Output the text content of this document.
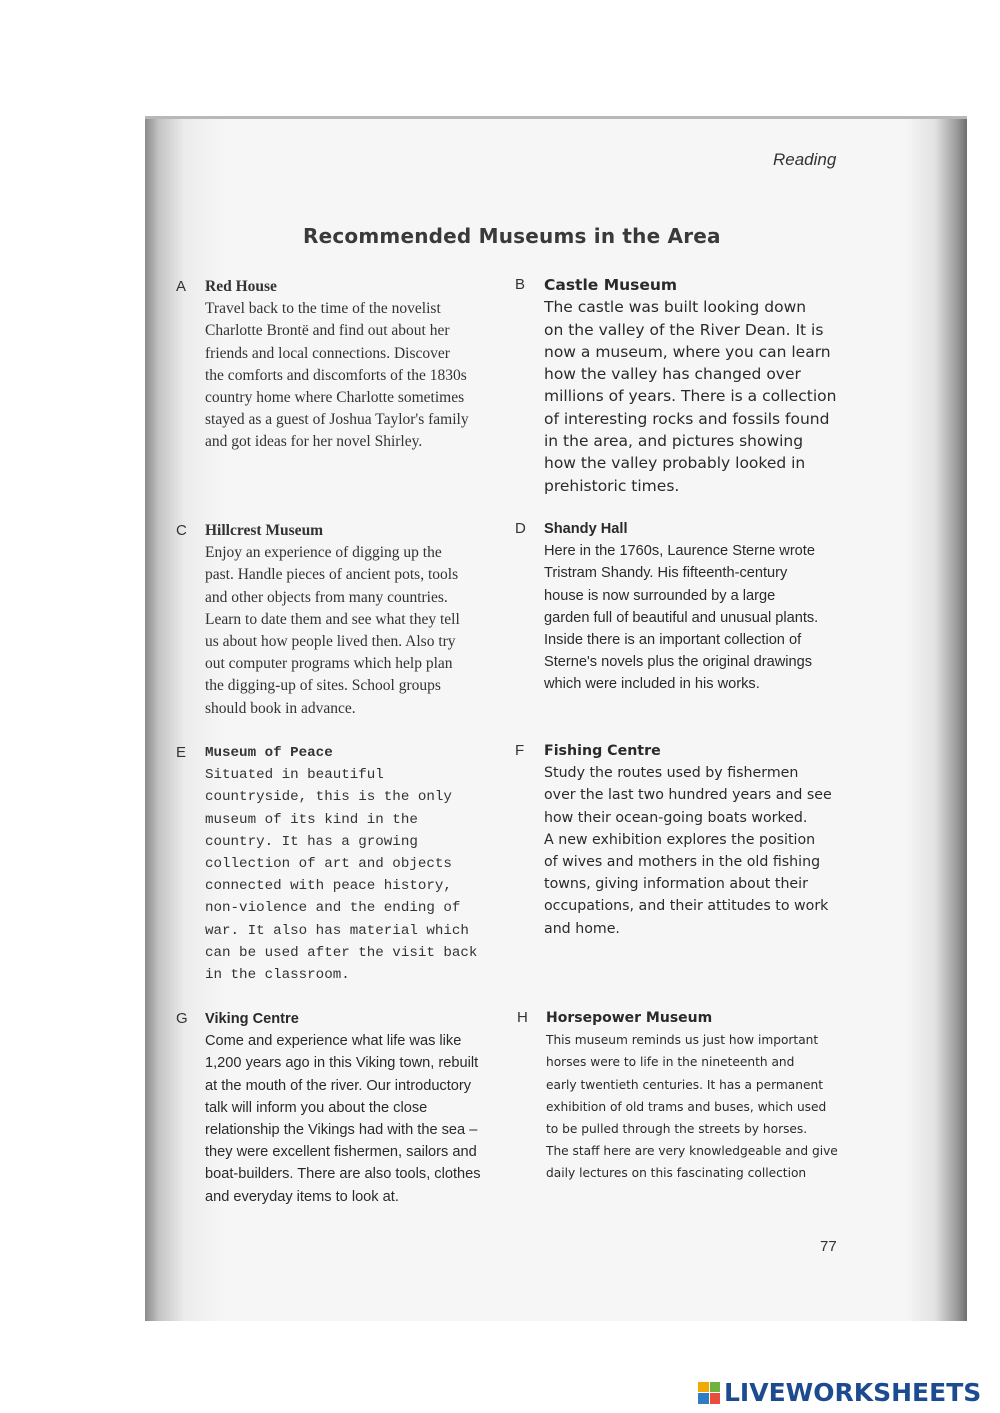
Reading
Recommended Museums in the Area
A Red House

Travel back to the time of the novelist
Charlotte Brontë and find out about her
friends and local connections. Discover
the comforts and discomforts of the 1830s
country home where Charlotte sometimes
stayed as a guest of Joshua Taylor's family
and got ideas for her novel Shirley.

B Castle Museum

The castle was built looking down
on the valley of the River Dean. It is
now a museum, where you can learn
how the valley has changed over
millions of years. There is a collection
of interesting rocks and fossils found
in the area, and pictures showing
how the valley probably looked in
prehistoric times.

C Hillcrest Museum

Enjoy an experience of digging up the
past. Handle pieces of ancient pots, tools
and other objects from many countries.
Learn to date them and see what they tell
us about how people lived then. Also try
out computer programs which help plan
the digging-up of sites. School groups
should book in advance.

D Shandy Hall

Here in the 1760s, Laurence Sterne wrote
Tristram Shandy. His fifteenth-century
house is now surrounded by a large
garden full of beautiful and unusual plants.
Inside there is an important collection of
Sterne's novels plus the original drawings
which were included in his works.

E Museum of Peace

Situated in beautiful
countryside, this is the only
museum of its kind in the
country. It has a growing
collection of art and objects
connected with peace history,
non-violence and the ending of
war. It also has material which
can be used after the visit back
in the classroom.

F Fishing Centre

Study the routes used by fishermen
over the last two hundred years and see
how their ocean-going boats worked.
A new exhibition explores the position
of wives and mothers in the old fishing
towns, giving information about their
occupations, and their attitudes to work
and home.

G Viking Centre

Come and experience what life was like
1,200 years ago in this Viking town, rebuilt
at the mouth of the river. Our introductory
talk will inform you about the close
relationship the Vikings had with the sea –
they were excellent fishermen, sailors and
boat-builders. There are also tools, clothes
and everyday items to look at.

H Horsepower Museum

This museum reminds us just how important
horses were to life in the nineteenth and
early twentieth centuries. It has a permanent
exhibition of old trams and buses, which used
to be pulled through the streets by horses.
The staff here are very knowledgeable and give
daily lectures on this fascinating collection

77
LIVEWORKSHEETS
